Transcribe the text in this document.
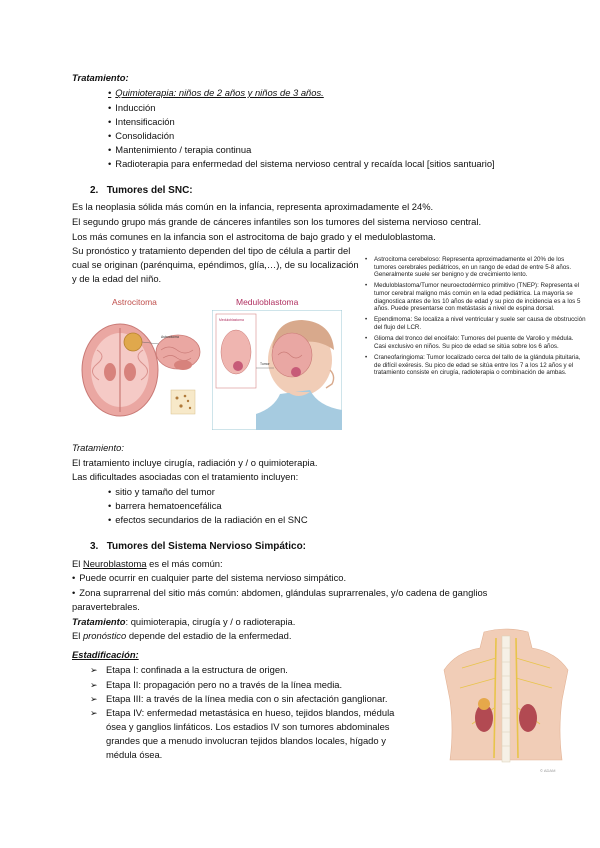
Tratamiento:
• Quimioterapia: niños de 2 años y niños de 3 años.
• Inducción
• Intensificación
• Consolidación
• Mantenimiento / terapia continua
• Radioterapia para enfermedad del sistema nervioso central y recaída local [sitios santuario]
2. Tumores del SNC:
Es la neoplasia sólida más común en la infancia, representa aproximadamente el 24%.
El segundo grupo más grande de cánceres infantiles son los tumores del sistema nervioso central.
Los más comunes en la infancia son el astrocitoma de bajo grado y el meduloblastoma.
Su pronóstico y tratamiento dependen del tipo de célula a partir del
cual se originan (parénquima, epéndimos, glía,…), de su localización
y de la edad del niño.
Astrocitoma	Meduloblastoma
Astrocitoma
Meduloblastoma
Tumor

• Astrocitoma cerebeloso: Representa aproximadamente el 20% de los tumores cerebrales pediátricos, en un rango de edad de entre 5-8 años. Generalmente suele ser benigno y de crecimiento lento.

• Meduloblastoma/Tumor neuroectodérmico primitivo (TNEP): Representa el tumor cerebral maligno más común en la edad pediátrica. La mayoría se diagnostica antes de los 10 años de edad y su pico de incidencia es a los 5 años. Puede presentarse con metástasis a nivel de espina dorsal.

• Ependimoma: Se localiza a nivel ventricular y suele ser causa de obstrucción del flujo del LCR.

• Glioma del tronco del encéfalo: Tumores del puente de Varolio y médula. Casi exclusivo en niños. Su pico de edad se sitúa sobre los 6 años.

• Craneofaringioma: Tumor localizado cerca del tallo de la glándula pituitaria, de difícil exéresis. Su pico de edad se sitúa entre los 7 a los 12 años y el tratamiento consiste en cirugía, radioterapia o combinación de ambas.

Tratamiento:
El tratamiento incluye cirugía, radiación y / o quimioterapia.
Las dificultades asociadas con el tratamiento incluyen:
• sitio y tamaño del tumor
• barrera hematoencefálica
• efectos secundarios de la radiación en el SNC
3. Tumores del Sistema Nervioso Simpático:
El Neuroblastoma es el más común:
• Puede ocurrir en cualquier parte del sistema nervioso simpático.
• Zona suprarrenal del sitio más común: abdomen, glándulas suprarrenales, y/o cadena de ganglios
paravertebrales.
Tratamiento: quimioterapia, cirugía y / o radioterapia.
El pronóstico depende del estadio de la enfermedad.
Estadificación:
➢ Etapa I: confinada a la estructura de origen.
➢ Etapa II: propagación pero no a través de la línea media.
➢ Etapa III: a través de la línea media con o sin afectación ganglionar.
➢ Etapa IV: enfermedad metastásica en hueso, tejidos blandos, médula
ósea y ganglios linfáticos. Los estadios IV son tumores abdominales
grandes que a menudo involucran tejidos blandos locales, hígado y
médula ósea.
© ADAM
